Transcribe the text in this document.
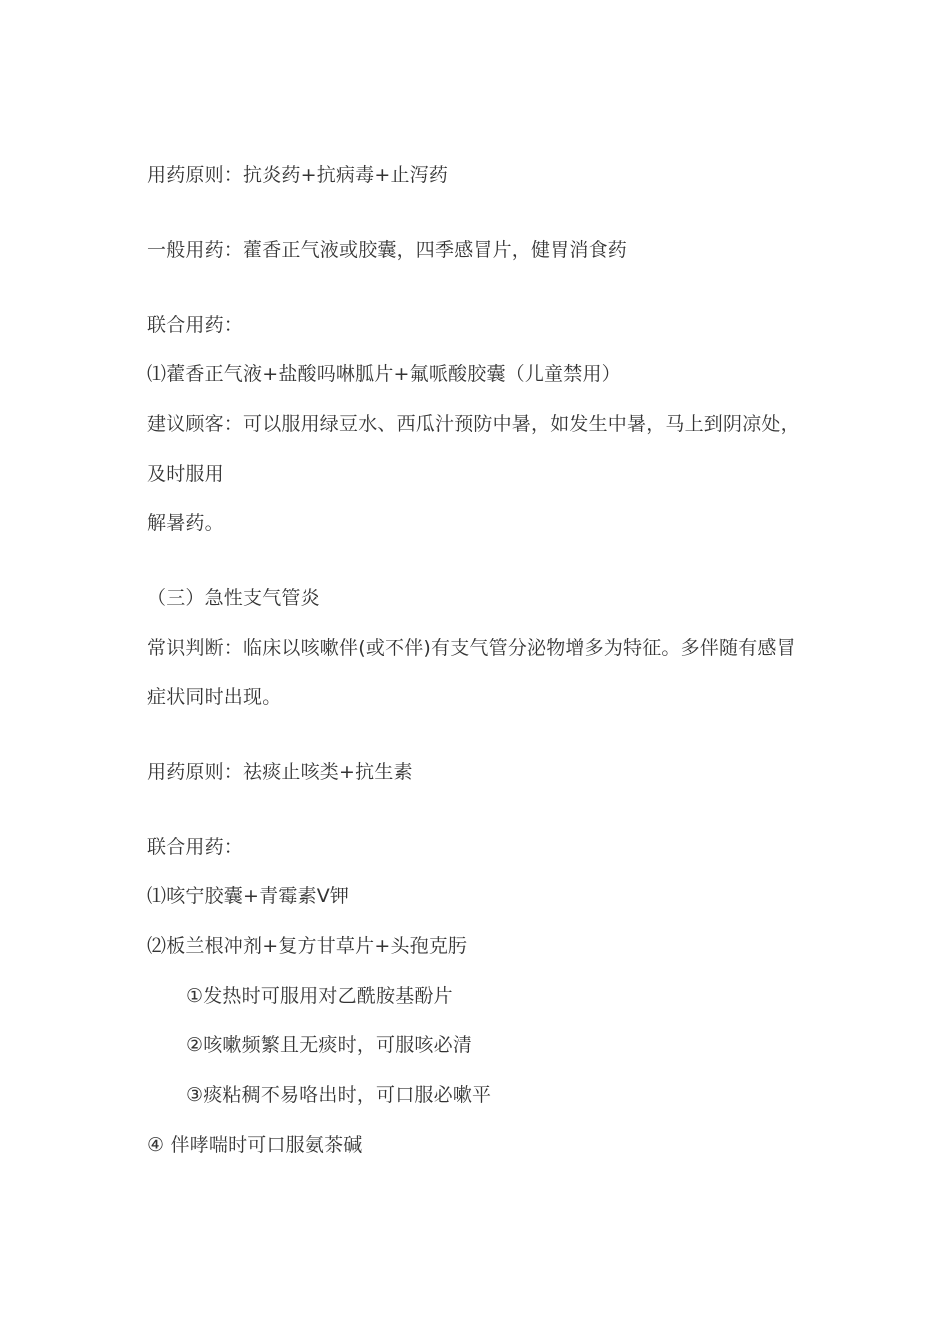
用药原则：抗炎药+抗病毒+止泻药
一般用药：藿香正气液或胶囊，四季感冒片，健胃消食药
联合用药：
⑴藿香正气液+盐酸吗啉胍片+氟哌酸胶囊（儿童禁用）
建议顾客：可以服用绿豆水、西瓜汁预防中暑，如发生中暑，马上到阴凉处，
及时服用
解暑药。
（三）急性支气管炎
常识判断：临床以咳嗽伴(或不伴)有支气管分泌物增多为特征。多伴随有感冒
症状同时出现。
用药原则：祛痰止咳类+抗生素
联合用药：
⑴咳宁胶囊+青霉素Ⅴ钾
⑵板兰根冲剂+复方甘草片+头孢克肟
①发热时可服用对乙酰胺基酚片
②咳嗽频繁且无痰时，可服咳必清
③痰粘稠不易咯出时，可口服必嗽平
④ 伴哮喘时可口服氨茶碱
